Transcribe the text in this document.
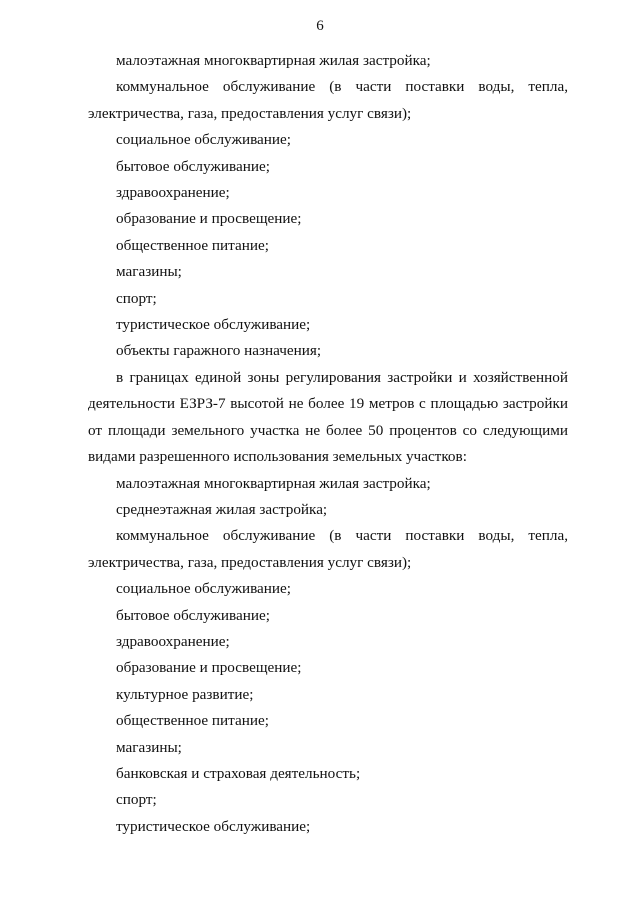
6

малоэтажная многоквартирная жилая застройка;

коммунальное обслуживание (в части поставки воды, тепла, электричества, газа, предоставления услуг связи);

социальное обслуживание;

бытовое обслуживание;

здравоохранение;

образование и просвещение;

общественное питание;

магазины;

спорт;

туристическое обслуживание;

объекты гаражного назначения;

в границах единой зоны регулирования застройки и хозяйственной деятельности ЕЗРЗ-7 высотой не более 19 метров с площадью застройки от площади земельного участка не более 50 процентов со следующими видами разрешенного использования земельных участков:

малоэтажная многоквартирная жилая застройка;

среднеэтажная жилая застройка;

коммунальное обслуживание (в части поставки воды, тепла, электричества, газа, предоставления услуг связи);

социальное обслуживание;

бытовое обслуживание;

здравоохранение;

образование и просвещение;

культурное развитие;

общественное питание;

магазины;

банковская и страховая деятельность;

спорт;

туристическое обслуживание;
